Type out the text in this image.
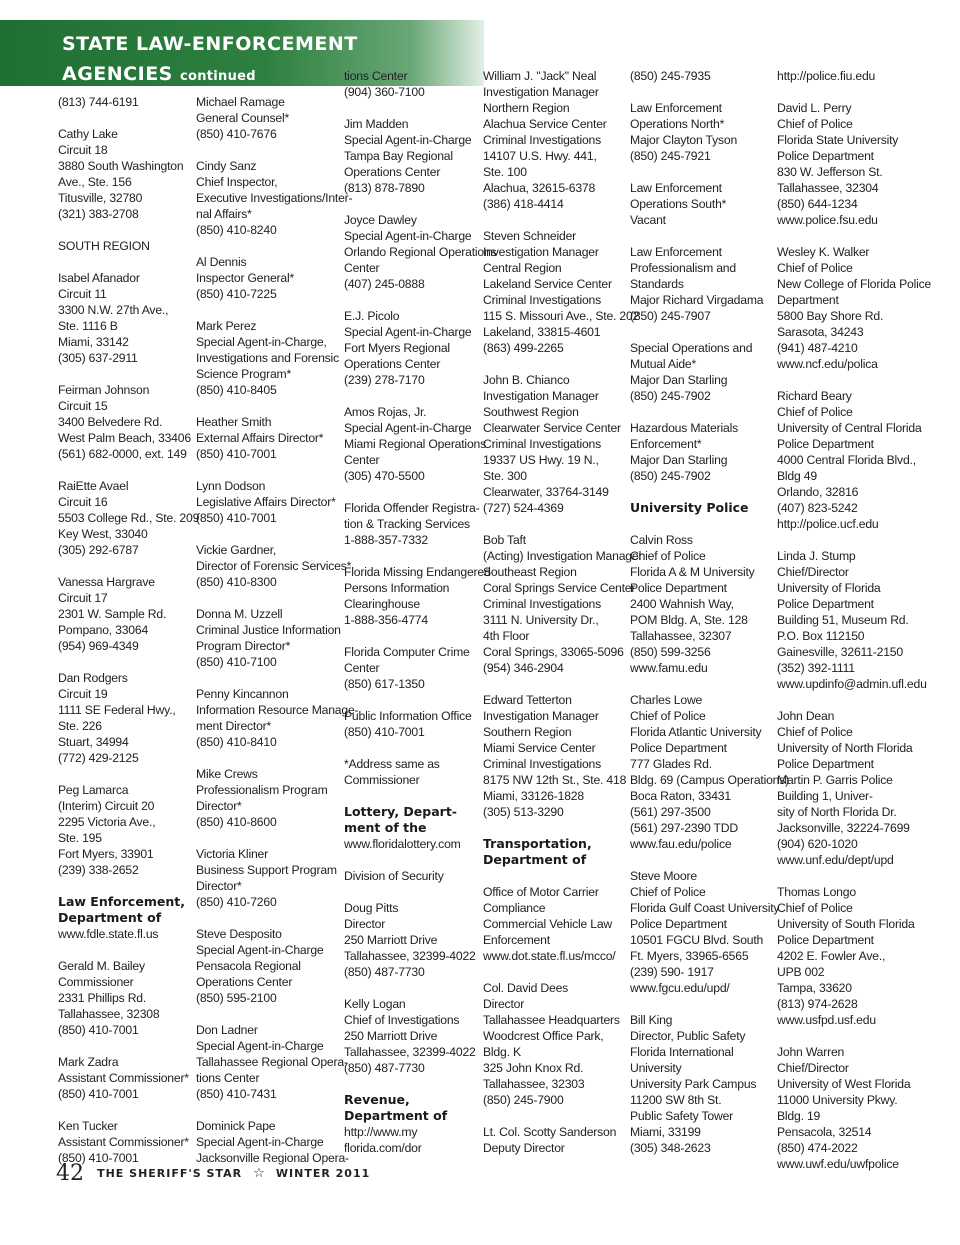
STATE LAW-ENFORCEMENT
AGENCIES continued
(813) 744-6191
Cathy Lake
Circuit 18
3880 South Washington
Ave., Ste. 156
Titusville, 32780
(321) 383-2708
SOUTH REGION
Isabel Afanador
Circuit 11
3300 N.W. 27th Ave.,
Ste. 1116 B
Miami, 33142
(305) 637-2911
Feirman Johnson
Circuit 15
3400 Belvedere Rd.
West Palm Beach, 33406
(561) 682-0000, ext. 149
RaiEtte Avael
Circuit 16
5503 College Rd., Ste. 209
Key West, 33040
(305) 292-6787
Vanessa Hargrave
Circuit 17
2301 W. Sample Rd.
Pompano, 33064
(954) 969-4349
Dan Rodgers
Circuit 19
1111 SE Federal Hwy.,
Ste. 226
Stuart, 34994
(772) 429-2125
Peg Lamarca
(Interim) Circuit 20
2295 Victoria Ave.,
Ste. 195
Fort Myers, 33901
(239) 338-2652
Law Enforcement,
Department of
www.fdle.state.fl.us
Gerald M. Bailey
Commissioner
2331 Phillips Rd.
Tallahassee, 32308
(850) 410-7001
Mark Zadra
Assistant Commissioner*
(850) 410-7001
Ken Tucker
Assistant Commissioner*
(850) 410-7001
Michael Ramage
General Counsel*
(850) 410-7676
Cindy Sanz
Chief Inspector,
Executive Investigations/Inter-
nal Affairs*
(850) 410-8240
Al Dennis
Inspector General*
(850) 410-7225
Mark Perez
Special Agent-in-Charge,
Investigations and Forensic
Science Program*
(850) 410-8405
Heather Smith
External Affairs Director*
(850) 410-7001
Lynn Dodson
Legislative Affairs Director*
(850) 410-7001
Vickie Gardner,
Director of Forensic Services*
(850) 410-8300
Donna M. Uzzell
Criminal Justice Information
Program Director*
(850) 410-7100
Penny Kincannon
Information Resource Manage-
ment Director*
(850) 410-8410
Mike Crews
Professionalism Program
Director*
(850) 410-8600
Victoria Kliner
Business Support Program
Director*
(850) 410-7260
Steve Desposito
Special Agent-in-Charge
Pensacola Regional
Operations Center
(850) 595-2100
Don Ladner
Special Agent-in-Charge
Tallahassee Regional Opera-
tions Center
(850) 410-7431
Dominick Pape
Special Agent-in-Charge
Jacksonville Regional Opera-
tions Center
(904) 360-7100
Jim Madden
Special Agent-in-Charge
Tampa Bay Regional
Operations Center
(813) 878-7890
Joyce Dawley
Special Agent-in-Charge
Orlando Regional Operations
Center
(407) 245-0888
E.J. Picolo
Special Agent-in-Charge
Fort Myers Regional
Operations Center
(239) 278-7170
Amos Rojas, Jr.
Special Agent-in-Charge
Miami Regional Operations
Center
(305) 470-5500
Florida Offender Registra-
tion & Tracking Services
1-888-357-7332
Florida Missing Endangered
Persons Information
Clearinghouse
1-888-356-4774
Florida Computer Crime
Center
(850) 617-1350
Public Information Office
(850) 410-7001
*Address same as
Commissioner
Lottery, Depart-
ment of the
www.floridalottery.com
Division of Security
Doug Pitts
Director
250 Marriott Drive
Tallahassee, 32399-4022
(850) 487-7730
Kelly Logan
Chief of Investigations
250 Marriott Drive
Tallahassee, 32399-4022
(850) 487-7730
Revenue,
Department of
http://www.my
florida.com/dor
William J. "Jack" Neal
Investigation Manager
Northern Region
Alachua Service Center
Criminal Investigations
14107 U.S. Hwy. 441,
Ste. 100
Alachua, 32615-6378
(386) 418-4414
Steven Schneider
Investigation Manager
Central Region
Lakeland Service Center
Criminal Investigations
115 S. Missouri Ave., Ste. 202
Lakeland, 33815-4601
(863) 499-2265
John B. Chianco
Investigation Manager
Southwest Region
Clearwater Service Center
Criminal Investigations
19337 US Hwy. 19 N.,
Ste. 300
Clearwater, 33764-3149
(727) 524-4369
Bob Taft
(Acting) Investigation Manager
Southeast Region
Coral Springs Service Center
Criminal Investigations
3111 N. University Dr.,
4th Floor
Coral Springs, 33065-5096
(954) 346-2904
Edward Tetterton
Investigation Manager
Southern Region
Miami Service Center
Criminal Investigations
8175 NW 12th St., Ste. 418
Miami, 33126-1828
(305) 513-3290
Transportation,
Department of
Office of Motor Carrier
Compliance
Commercial Vehicle Law
Enforcement
www.dot.state.fl.us/mcco/
Col. David Dees
Director
Tallahassee Headquarters
Woodcrest Office Park,
Bldg. K
325 John Knox Rd.
Tallahassee, 32303
(850) 245-7900
Lt. Col. Scotty Sanderson
Deputy Director
(850) 245-7935
Law Enforcement
Operations North*
Major Clayton Tyson
(850) 245-7921
Law Enforcement
Operations South*
Vacant
Law Enforcement
Professionalism and
Standards
Major Richard Virgadama
(850) 245-7907
Special Operations and
Mutual Aide*
Major Dan Starling
(850) 245-7902
Hazardous Materials
Enforcement*
Major Dan Starling
(850) 245-7902
University Police
Calvin Ross
Chief of Police
Florida A & M University
Police Department
2400 Wahnish Way,
POM Bldg. A, Ste. 128
Tallahassee, 32307
(850) 599-3256
www.famu.edu
Charles Lowe
Chief of Police
Florida Atlantic University
Police Department
777 Glades Rd.
Bldg. 69 (Campus Operations)
Boca Raton, 33431
(561) 297-3500
(561) 297-2390 TDD
www.fau.edu/police
Steve Moore
Chief of Police
Florida Gulf Coast University
Police Department
10501 FGCU Blvd. South
Ft. Myers, 33965-6565
(239) 590- 1917
www.fgcu.edu/upd/
Bill King
Director, Public Safety
Florida International
University
University Park Campus
11200 SW 8th St.
Public Safety Tower
Miami, 33199
(305) 348-2623
http://police.fiu.edu
David L. Perry
Chief of Police
Florida State University
Police Department
830 W. Jefferson St.
Tallahassee, 32304
(850) 644-1234
www.police.fsu.edu
Wesley K. Walker
Chief of Police
New College of Florida Police
Department
5800 Bay Shore Rd.
Sarasota, 34243
(941) 487-4210
www.ncf.edu/polica
Richard Beary
Chief of Police
University of Central Florida
Police Department
4000 Central Florida Blvd.,
Bldg 49
Orlando, 32816
(407) 823-5242
http://police.ucf.edu
Linda J. Stump
Chief/Director
University of Florida
Police Department
Building 51, Museum Rd.
P.O. Box 112150
Gainesville, 32611-2150
(352) 392-1111
www.updinfo@admin.ufl.edu
John Dean
Chief of Police
University of North Florida
Police Department
Martin P. Garris Police
Building 1, Univer-
sity of North Florida Dr.
Jacksonville, 32224-7699
(904) 620-1020
www.unf.edu/dept/upd
Thomas Longo
Chief of Police
University of South Florida
Police Department
4202 E. Fowler Ave.,
UPB 002
Tampa, 33620
(813) 974-2628
www.usfpd.usf.edu
John Warren
Chief/Director
University of West Florida
11000 University Pkwy.
Bldg. 19
Pensacola, 32514
(850) 474-2022
www.uwf.edu/uwfpolice
42 THE SHERIFF'S STAR ☆ WINTER 2011
